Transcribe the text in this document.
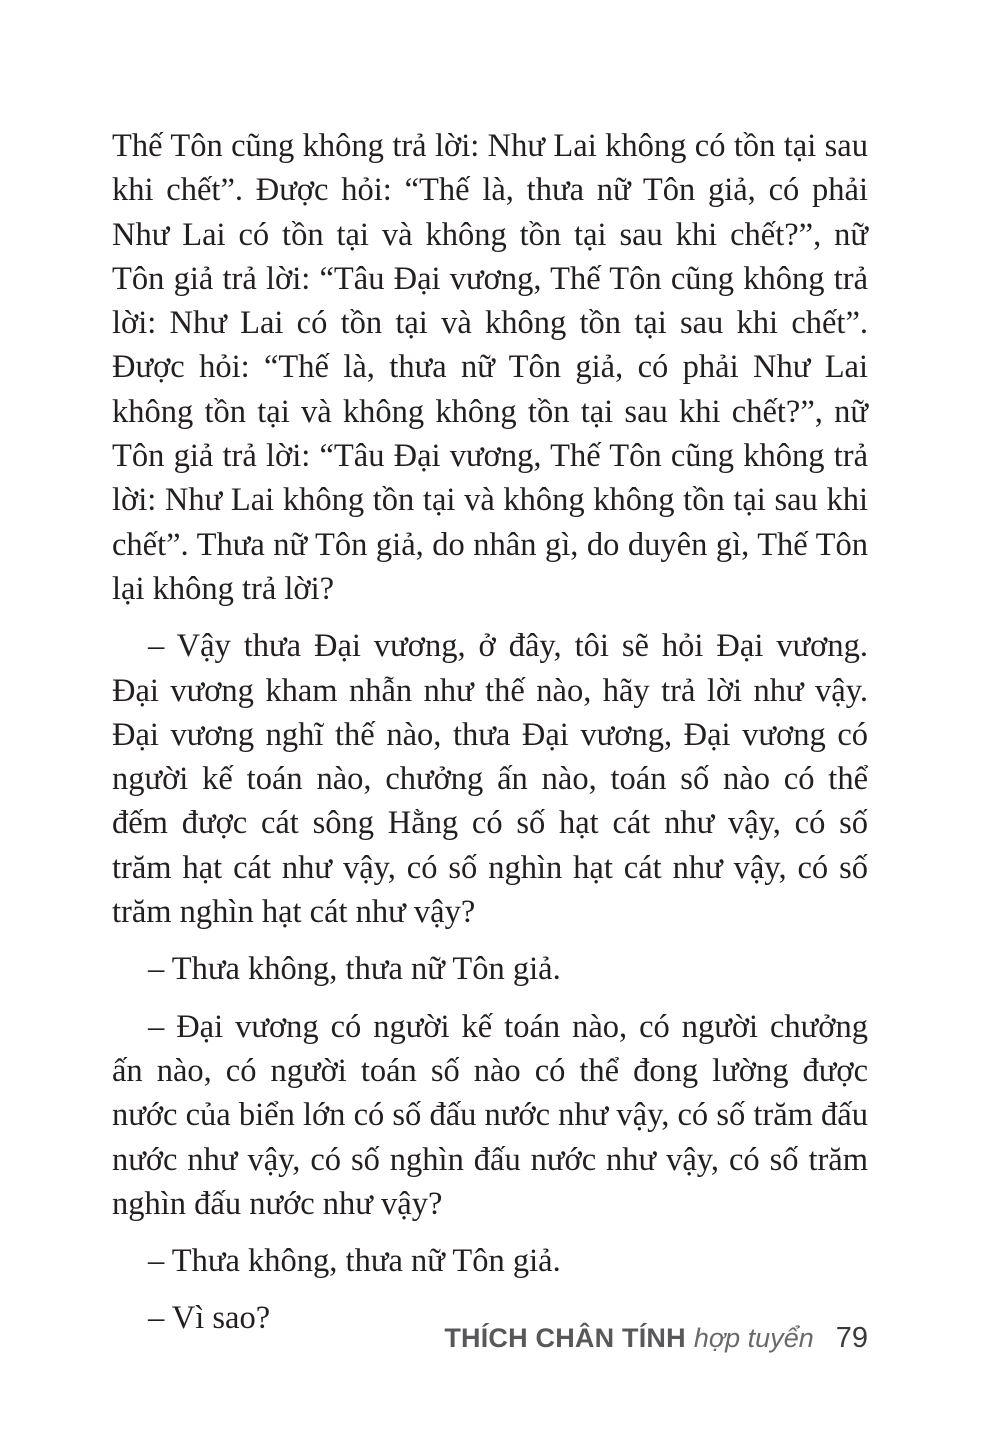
Thế Tôn cũng không trả lời: Như Lai không có tồn tại sau khi chết”. Được hỏi: “Thế là, thưa nữ Tôn giả, có phải Như Lai có tồn tại và không tồn tại sau khi chết?”, nữ Tôn giả trả lời: “Tâu Đại vương, Thế Tôn cũng không trả lời: Như Lai có tồn tại và không tồn tại sau khi chết”. Được hỏi: “Thế là, thưa nữ Tôn giả, có phải Như Lai không tồn tại và không không tồn tại sau khi chết?”, nữ Tôn giả trả lời: “Tâu Đại vương, Thế Tôn cũng không trả lời: Như Lai không tồn tại và không không tồn tại sau khi chết”. Thưa nữ Tôn giả, do nhân gì, do duyên gì, Thế Tôn lại không trả lời?

– Vậy thưa Đại vương, ở đây, tôi sẽ hỏi Đại vương. Đại vương kham nhẫn như thế nào, hãy trả lời như vậy. Đại vương nghĩ thế nào, thưa Đại vương, Đại vương có người kế toán nào, chưởng ấn nào, toán số nào có thể đếm được cát sông Hằng có số hạt cát như vậy, có số trăm hạt cát như vậy, có số nghìn hạt cát như vậy, có số trăm nghìn hạt cát như vậy?

– Thưa không, thưa nữ Tôn giả.

– Đại vương có người kế toán nào, có người chưởng ấn nào, có người toán số nào có thể đong lường được nước của biển lớn có số đấu nước như vậy, có số trăm đấu nước như vậy, có số nghìn đấu nước như vậy, có số trăm nghìn đấu nước như vậy?

– Thưa không, thưa nữ Tôn giả.

– Vì sao?

THÍCH CHÂN TÍNH hợp tuyển 79
